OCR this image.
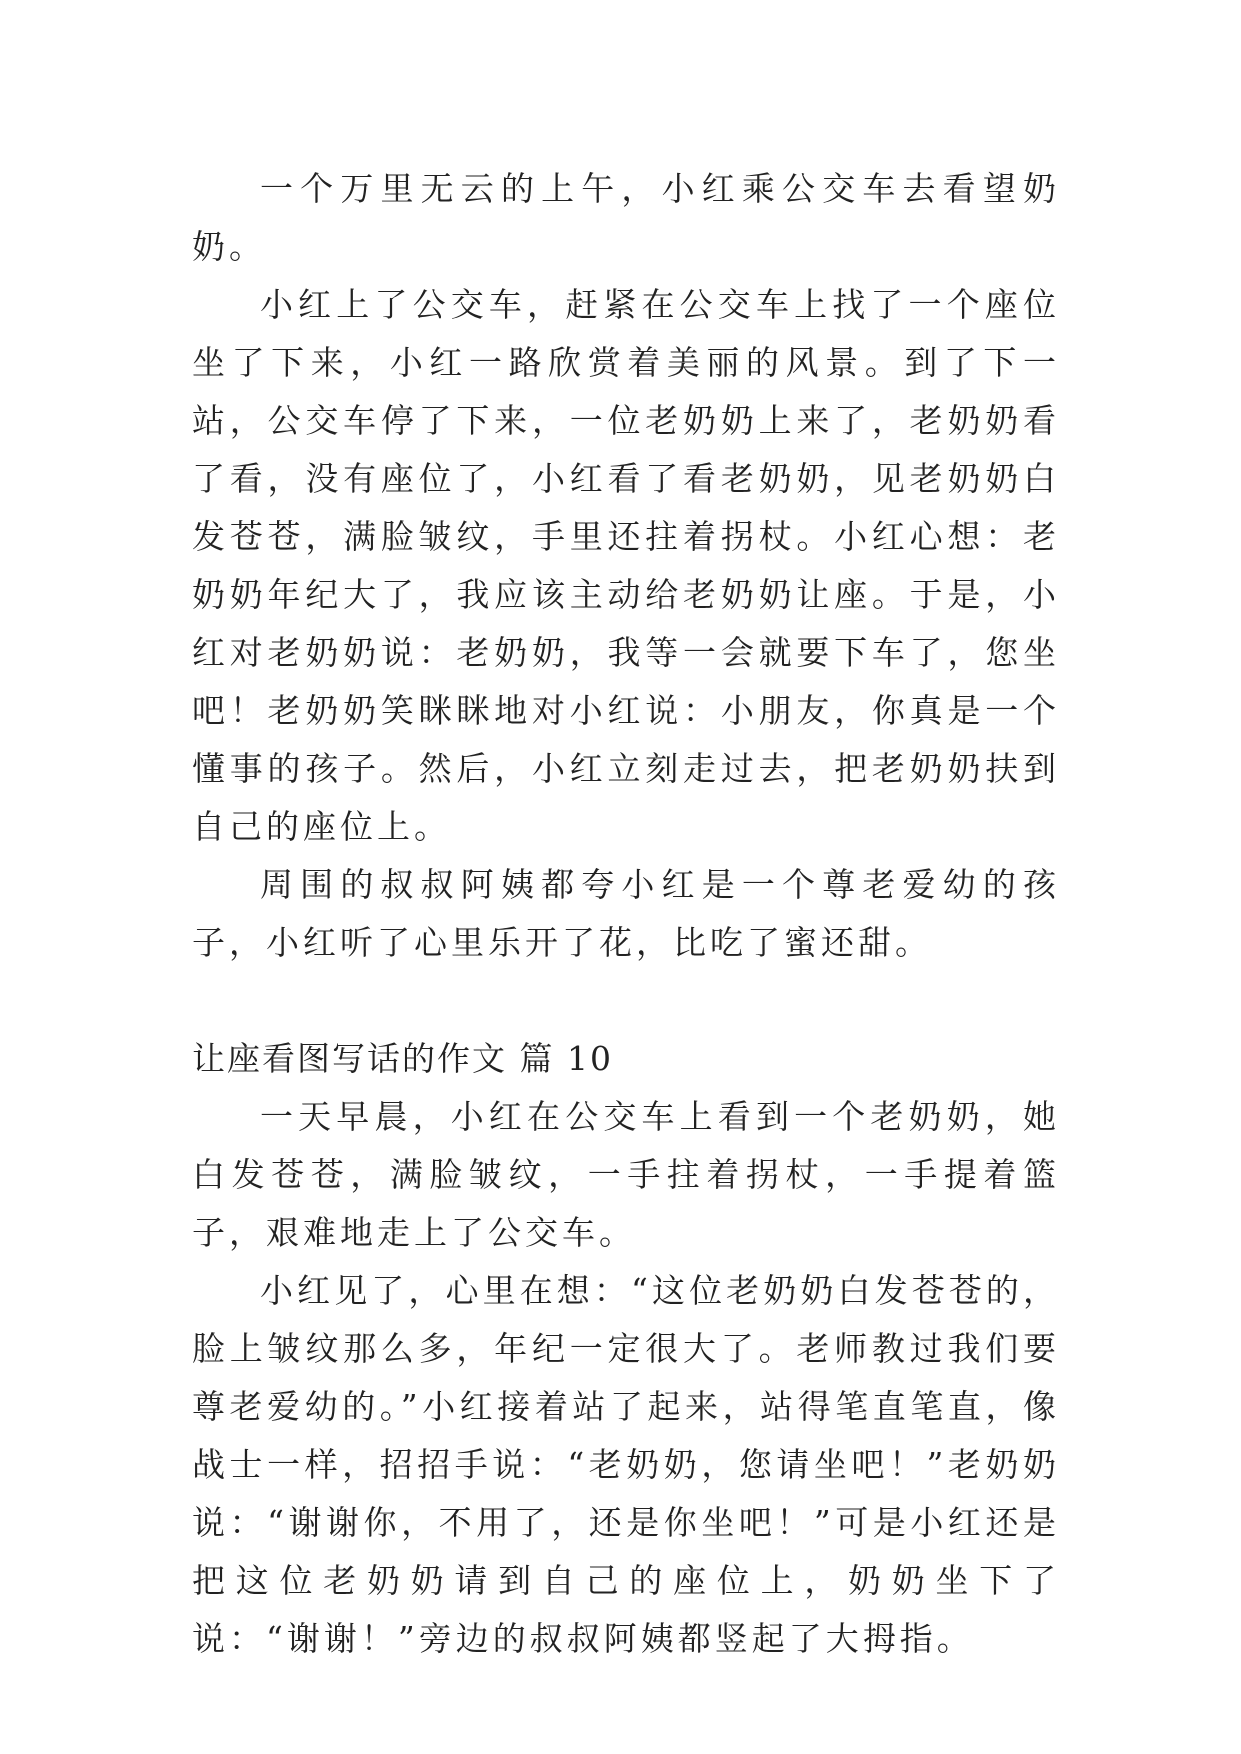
一个万里无云的上午，小红乘公交车去看望奶奶。

小红上了公交车，赶紧在公交车上找了一个座位坐了下来，小红一路欣赏着美丽的风景。到了下一站，公交车停了下来，一位老奶奶上来了，老奶奶看了看，没有座位了，小红看了看老奶奶，见老奶奶白发苍苍，满脸皱纹，手里还拄着拐杖。小红心想：老奶奶年纪大了，我应该主动给老奶奶让座。于是，小红对老奶奶说：老奶奶，我等一会就要下车了，您坐吧！老奶奶笑眯眯地对小红说：小朋友，你真是一个懂事的孩子。然后，小红立刻走过去，把老奶奶扶到自己的座位上。

周围的叔叔阿姨都夸小红是一个尊老爱幼的孩子，小红听了心里乐开了花，比吃了蜜还甜。

让座看图写话的作文 篇 10

一天早晨，小红在公交车上看到一个老奶奶，她白发苍苍，满脸皱纹，一手拄着拐杖，一手提着篮子，艰难地走上了公交车。

小红见了，心里在想：“这位老奶奶白发苍苍的，脸上皱纹那么多，年纪一定很大了。老师教过我们要尊老爱幼的。”小红接着站了起来，站得笔直笔直，像战士一样，招招手说：“老奶奶，您请坐吧！”老奶奶说：“谢谢你，不用了，还是你坐吧！”可是小红还是把这位老奶奶请到自己的座位上，奶奶坐下了说：“谢谢！”旁边的叔叔阿姨都竖起了大拇指。
